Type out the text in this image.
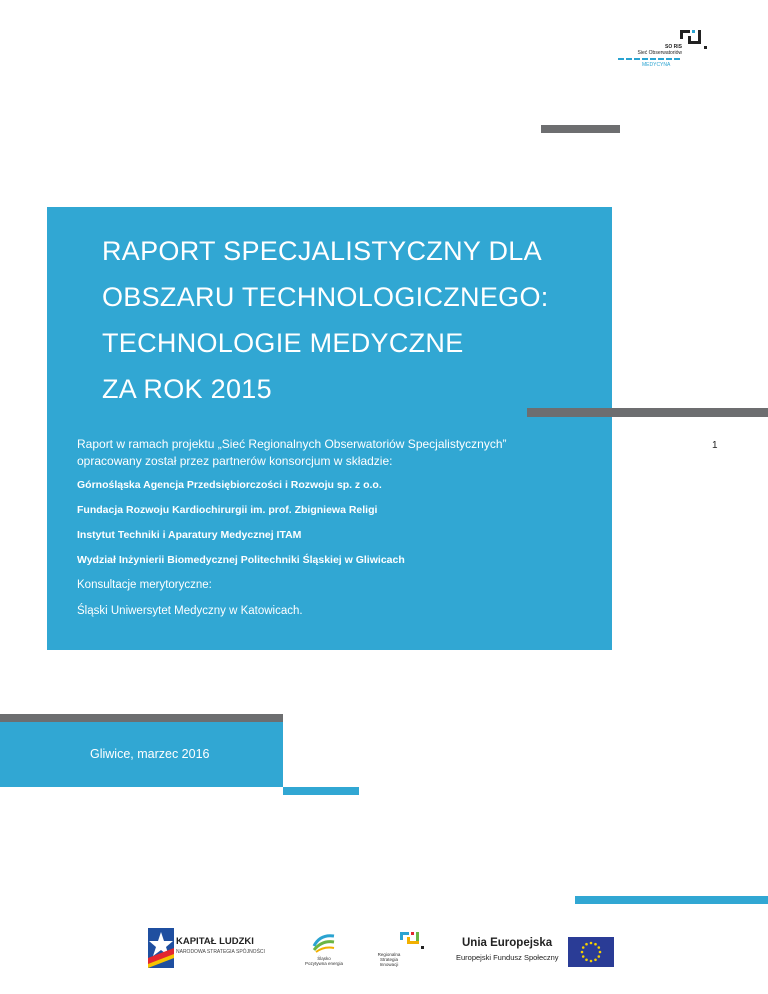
SO RIS
Sieć Obserwatoriów
MEDYCYNA
RAPORT SPECJALISTYCZNY DLA
OBSZARU TECHNOLOGICZNEGO:
TECHNOLOGIE MEDYCZNE
ZA ROK 2015
Raport w ramach projektu „Sieć Regionalnych Obserwatoriów Specjalistycznych”
opracowany został przez partnerów konsorcjum w składzie:
Górnośląska Agencja Przedsiębiorczości i Rozwoju sp. z o.o.
Fundacja Rozwoju Kardiochirurgii im. prof. Zbigniewa Religi
Instytut Techniki i Aparatury Medycznej ITAM
Wydział Inżynierii Biomedycznej Politechniki Śląskiej w Gliwicach
Konsultacje merytoryczne:
Śląski Uniwersytet Medyczny w Katowicach.
1
Gliwice, marzec 2016
KAPITAŁ LUDZKI
NARODOWA STRATEGIA SPÓJNOŚCI
Śląsko
Pozytywna energia
Regionalna
Strategia
Innowacji
Unia Europejska
Europejski Fundusz Społeczny
